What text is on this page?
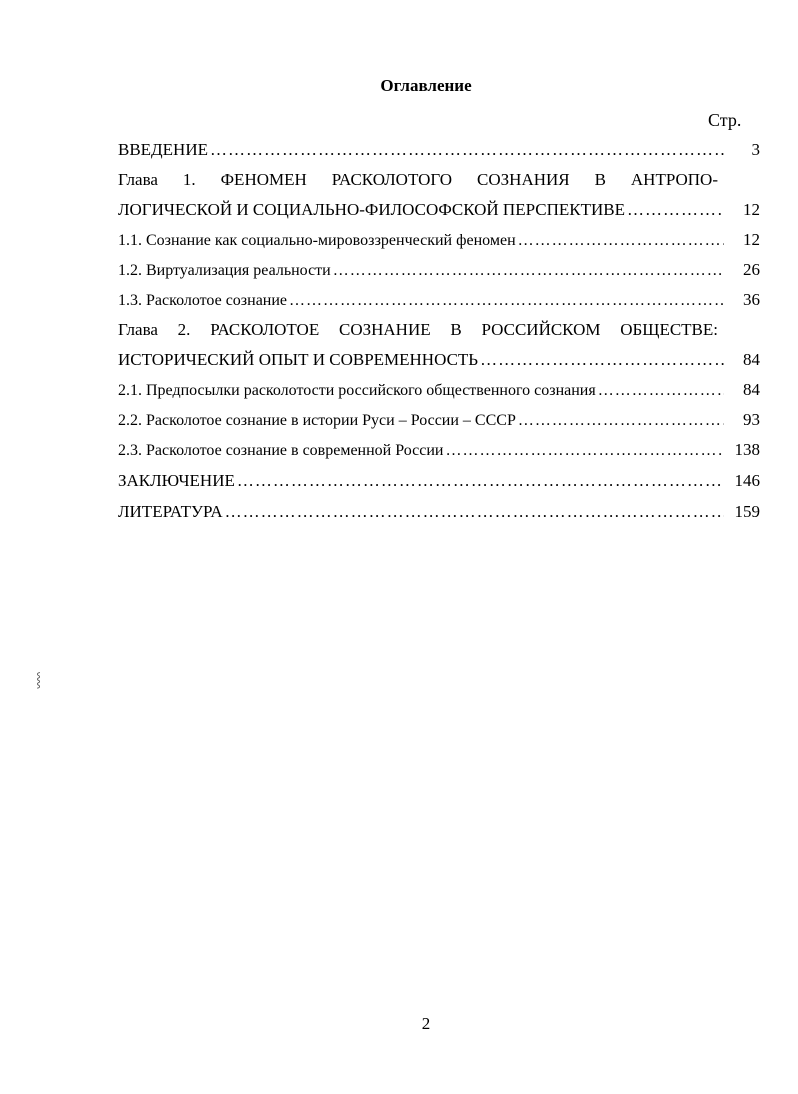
Оглавление
Стр.
ВВЕДЕНИЕ ……………………………………………………………………………………………………………………………………………………	3
Глава 1. ФЕНОМЕН РАСКОЛОТОГО СОЗНАНИЯ В АНТРОПО-
ЛОГИЧЕСКОЙ И СОЦИАЛЬНО-ФИЛОСОФСКОЙ ПЕРСПЕКТИВЕ ……………………………………………………………………………………………………………………………………………………	12
1.1. Сознание как социально-мировоззренческий феномен ……………………………………………………………………………………………………………………………………………………	12
1.2. Виртуализация реальности ……………………………………………………………………………………………………………………………………………………	26
1.3. Расколотое сознание ……………………………………………………………………………………………………………………………………………………	36
Глава 2. РАСКОЛОТОЕ СОЗНАНИЕ В РОССИЙСКОМ ОБЩЕСТВЕ:
ИСТОРИЧЕСКИЙ ОПЫТ И СОВРЕМЕННОСТЬ ……………………………………………………………………………………………………………………………………………………	84
2.1. Предпосылки расколотости российского общественного сознания ……………………………………………………………………………………………………………………………………………………	84
2.2. Расколотое сознание в истории Руси – России – СССР ……………………………………………………………………………………………………………………………………………………	93
2.3. Расколотое сознание в современной России ……………………………………………………………………………………………………………………………………………………	138
ЗАКЛЮЧЕНИЕ ……………………………………………………………………………………………………………………………………………………	146
ЛИТЕРАТУРА ……………………………………………………………………………………………………………………………………………………	159
⸾
2
